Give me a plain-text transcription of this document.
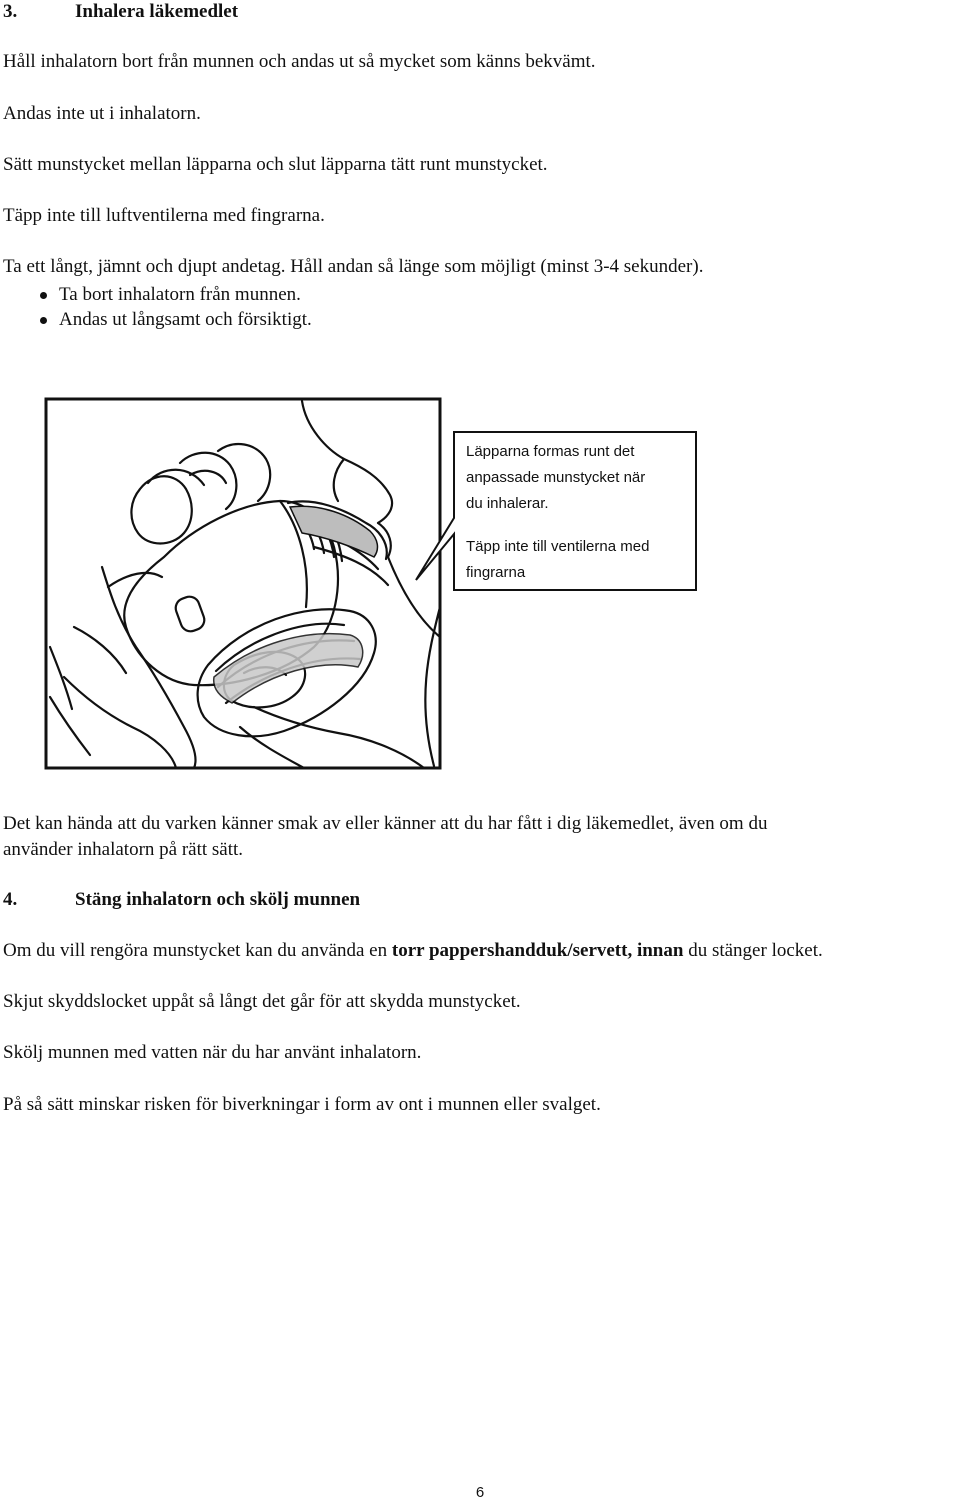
3.	Inhalera läkemedlet
Håll inhalatorn bort från munnen och andas ut så mycket som känns bekvämt.
Andas inte ut i inhalatorn.
Sätt munstycket mellan läpparna och slut läpparna tätt runt munstycket.
Täpp inte till luftventilerna med fingrarna.
Ta ett långt, jämnt och djupt andetag. Håll andan så länge som möjligt (minst 3-4 sekunder).
Ta bort inhalatorn från munnen.
Andas ut långsamt och försiktigt.
Läpparna formas runt det
anpassade munstycket när
du inhalerar.
Täpp inte till ventilerna med
fingrarna
Det kan hända att du varken känner smak av eller känner att du har fått i dig läkemedlet, även om du
använder inhalatorn på rätt sätt.
4.	Stäng inhalatorn och skölj munnen
Om du vill rengöra munstycket kan du använda en torr pappershandduk/servett, innan du stänger locket.
Skjut skyddslocket uppåt så långt det går för att skydda munstycket.
Skölj munnen med vatten när du har använt inhalatorn.
På så sätt minskar risken för biverkningar i form av ont i munnen eller svalget.
6
